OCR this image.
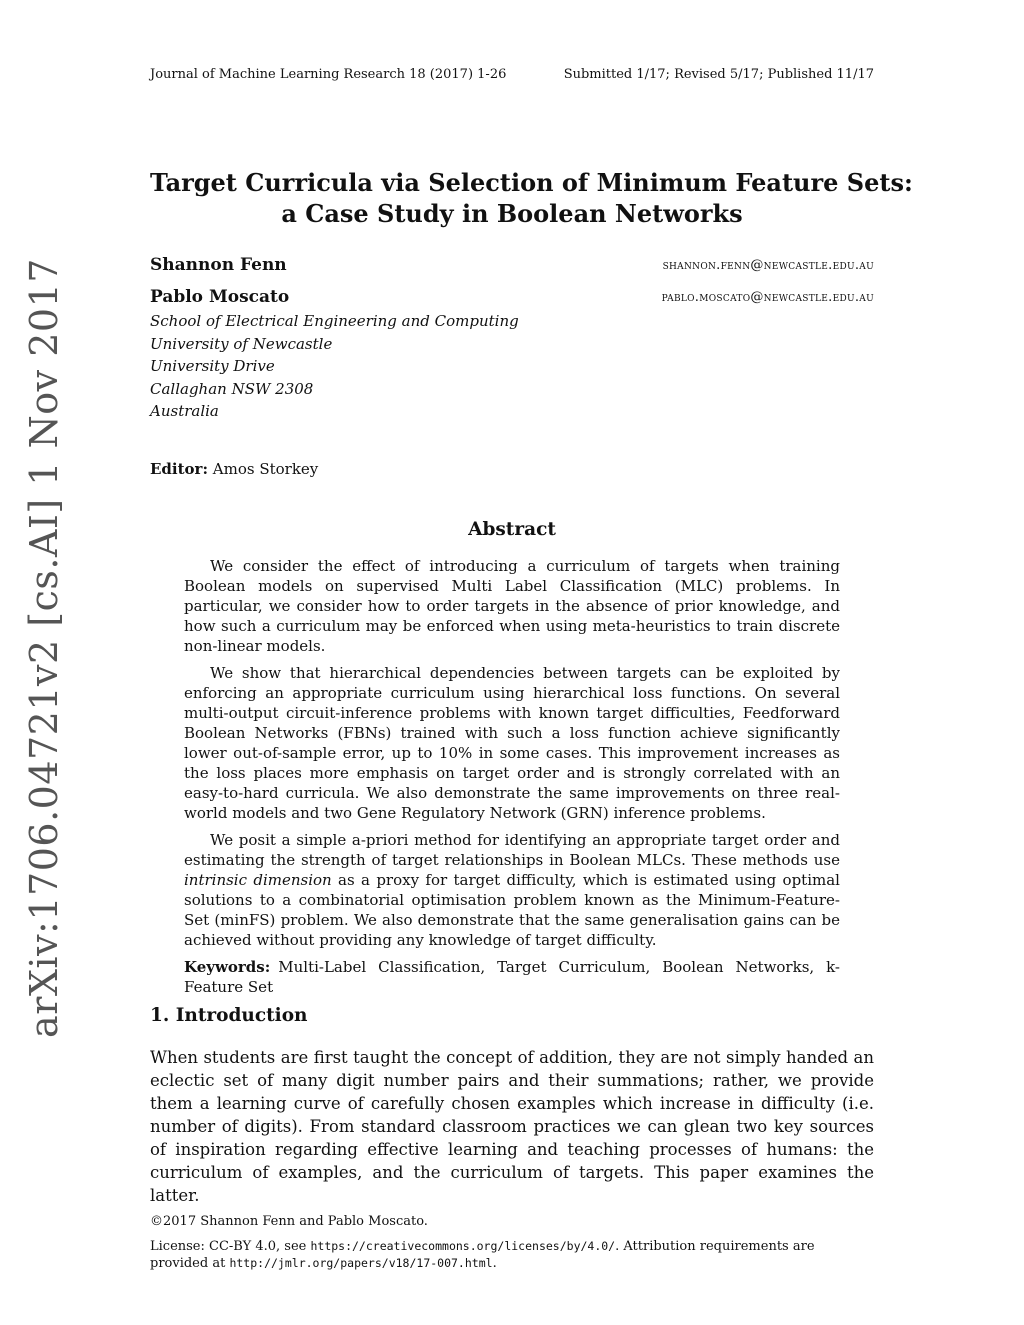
Journal of Machine Learning Research 18 (2017) 1-26	Submitted 1/17; Revised 5/17; Published 11/17
arXiv:1706.04721v2 [cs.AI] 1 Nov 2017
Target Curricula via Selection of Minimum Feature Sets:
a Case Study in Boolean Networks
Shannon Fenn	shannon.fenn@newcastle.edu.au
Pablo Moscato	pablo.moscato@newcastle.edu.au
School of Electrical Engineering and Computing
University of Newcastle
University Drive
Callaghan NSW 2308
Australia
Editor: Amos Storkey
Abstract

We consider the effect of introducing a curriculum of targets when training Boolean models on supervised Multi Label Classification (MLC) problems. In particular, we consider how to order targets in the absence of prior knowledge, and how such a curriculum may be enforced when using meta-heuristics to train discrete non-linear models.

We show that hierarchical dependencies between targets can be exploited by enforcing an appropriate curriculum using hierarchical loss functions. On several multi-output circuit-inference problems with known target difficulties, Feedforward Boolean Networks (FBNs) trained with such a loss function achieve significantly lower out-of-sample error, up to 10% in some cases. This improvement increases as the loss places more emphasis on target order and is strongly correlated with an easy-to-hard curricula. We also demonstrate the same improvements on three real-world models and two Gene Regulatory Network (GRN) inference problems.

We posit a simple a-priori method for identifying an appropriate target order and estimating the strength of target relationships in Boolean MLCs. These methods use intrinsic dimension as a proxy for target difficulty, which is estimated using optimal solutions to a combinatorial optimisation problem known as the Minimum-Feature-Set (minFS) problem. We also demonstrate that the same generalisation gains can be achieved without providing any knowledge of target difficulty.

Keywords: Multi-Label Classification, Target Curriculum, Boolean Networks, k-Feature Set

1. Introduction

When students are first taught the concept of addition, they are not simply handed an eclectic set of many digit number pairs and their summations; rather, we provide them a learning curve of carefully chosen examples which increase in difficulty (i.e. number of digits). From standard classroom practices we can glean two key sources of inspiration regarding effective learning and teaching processes of humans: the curriculum of examples, and the curriculum of targets. This paper examines the latter.

©2017 Shannon Fenn and Pablo Moscato.
License: CC-BY 4.0, see https://creativecommons.org/licenses/by/4.0/. Attribution requirements are provided at http://jmlr.org/papers/v18/17-007.html.
